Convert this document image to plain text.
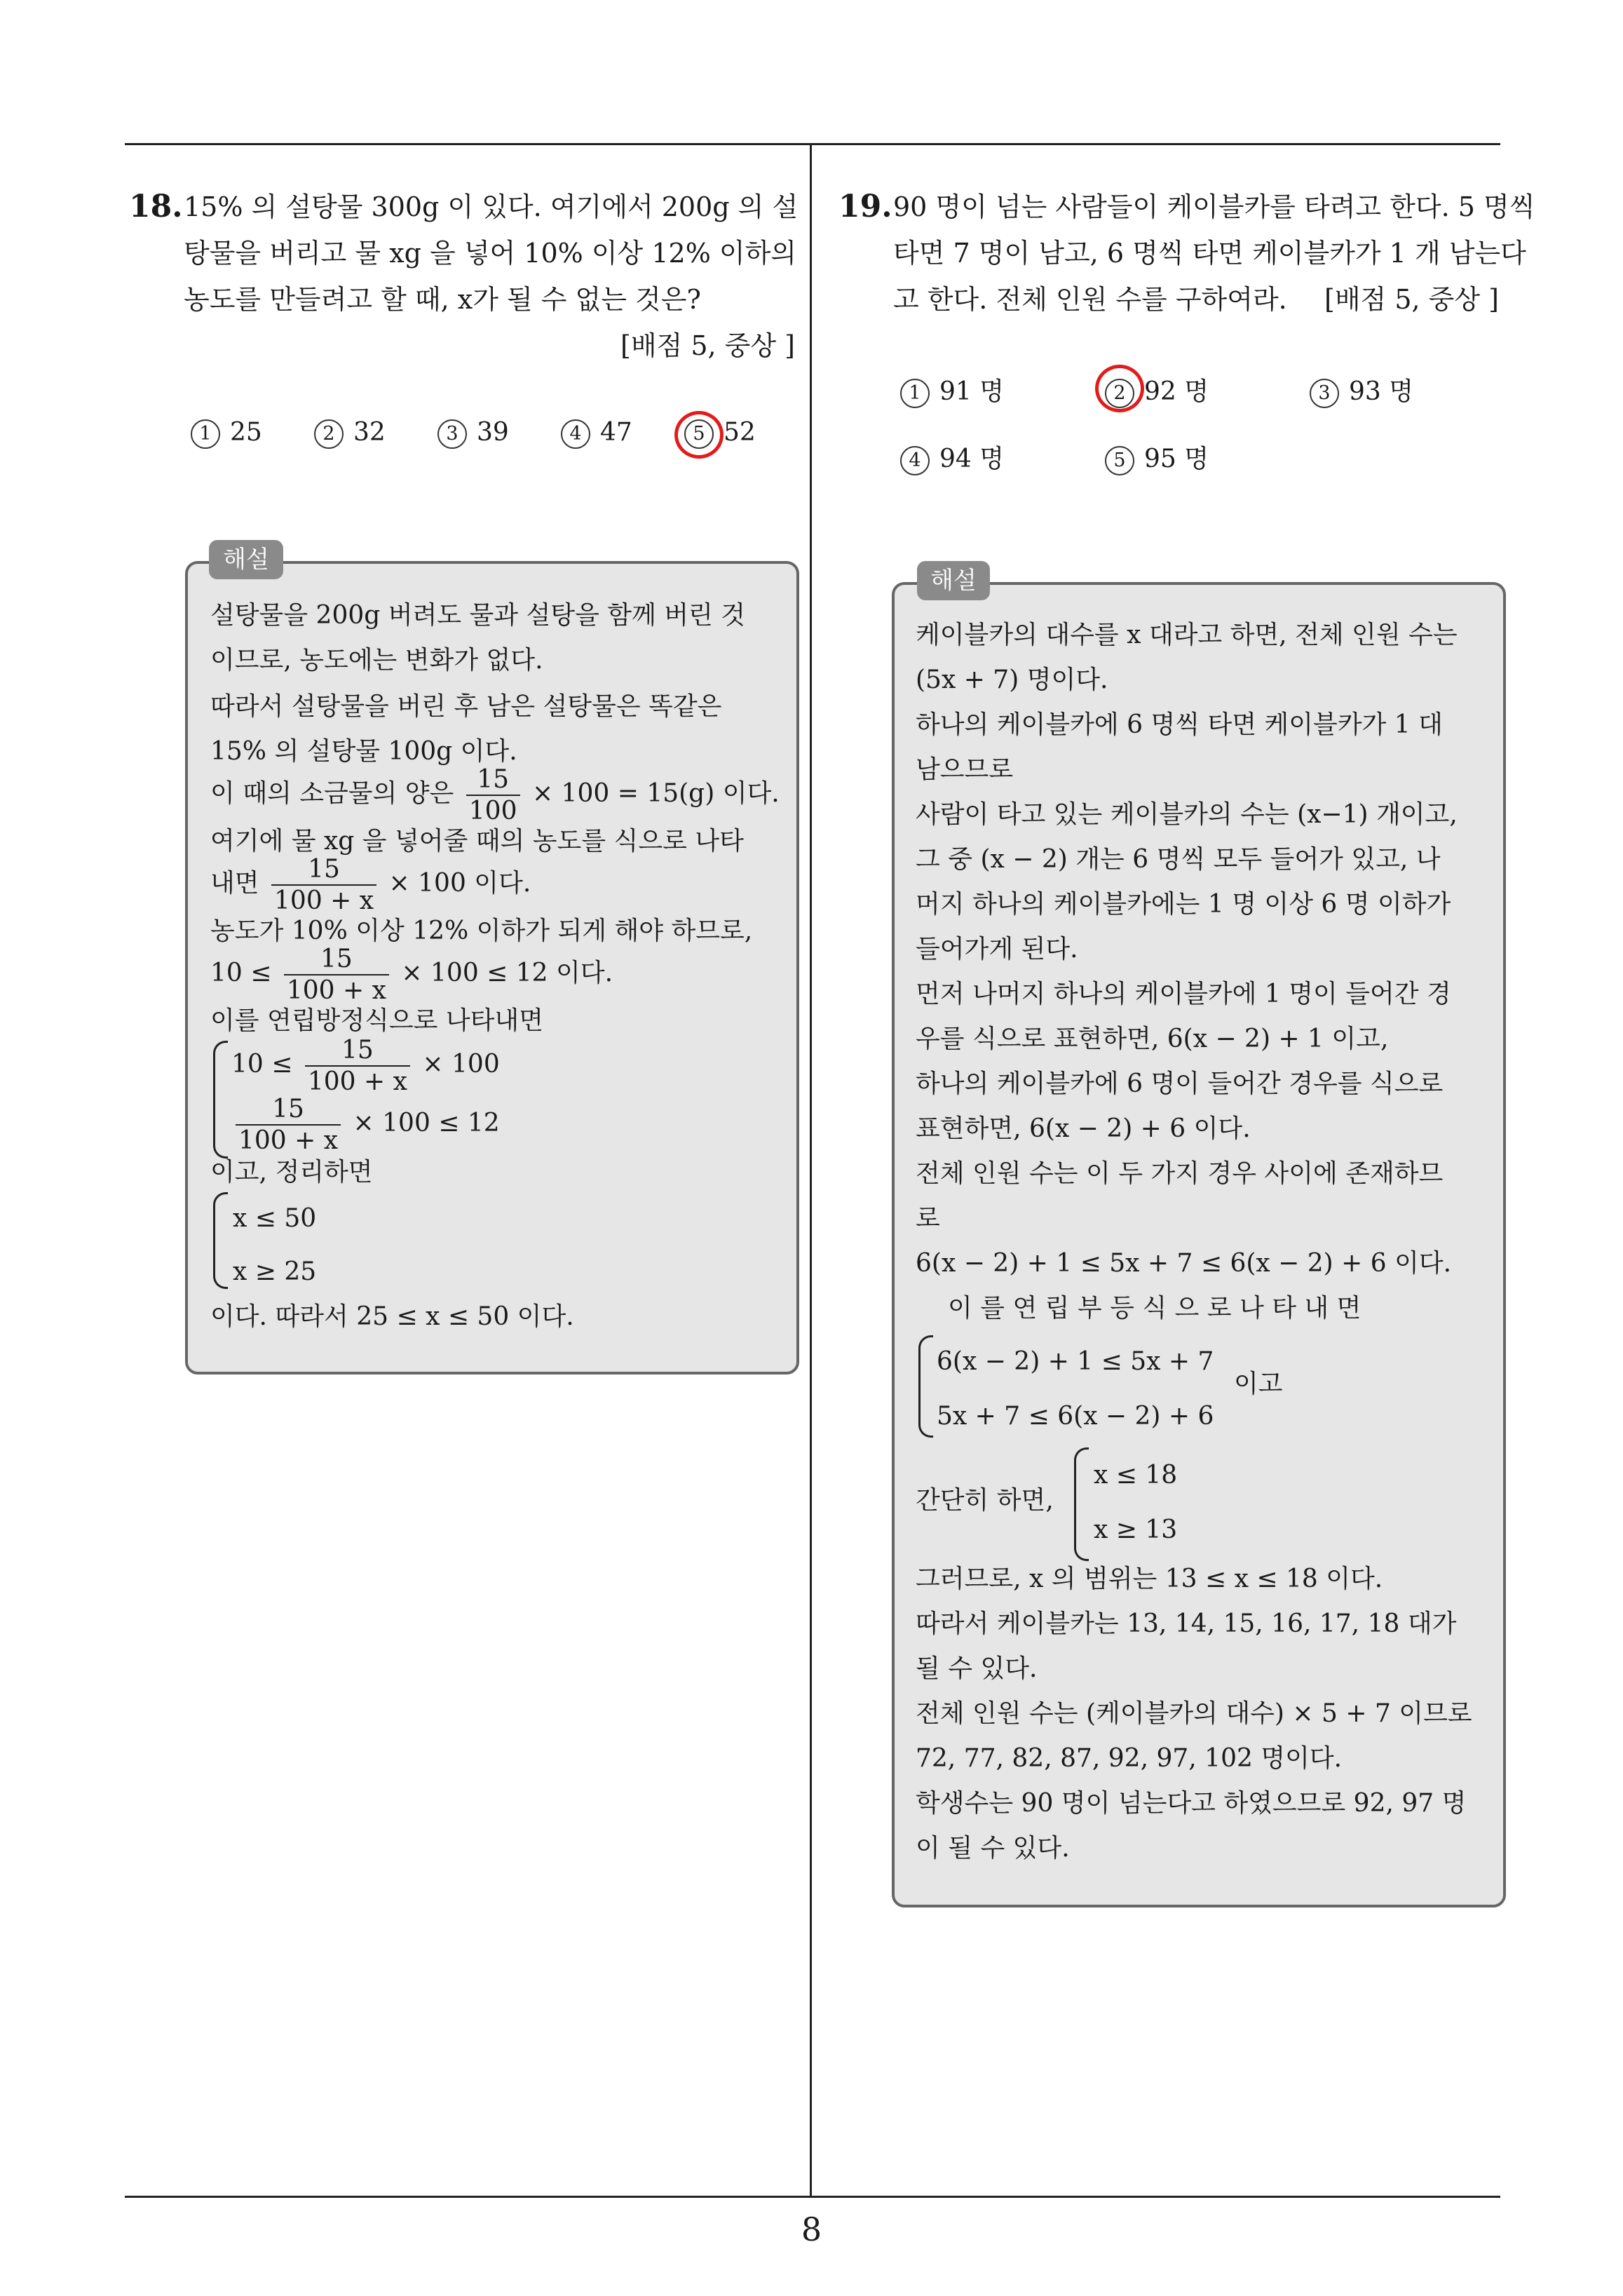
18. 15% 의 설탕물 300g 이 있다. 여기에서 200g 의 설
탕물을 버리고 물 xg 을 넣어 10% 이상 12% 이하의
농도를 만들려고 할 때, x가 될 수 없는 것은?
[배점 5, 중상 ]
1 25	2 32	3 39	4 47	5 52
해설
설탕물을 200g 버려도 물과 설탕을 함께 버린 것
이므로, 농도에는 변화가 없다.
따라서 설탕물을 버린 후 남은 설탕물은 똑같은
15% 의 설탕물 100g 이다.
이 때의 소금물의 양은 $\frac{15}{100} \times 100 = 15(g)$ 이다.
여기에 물 xg 을 넣어줄 때의 농도를 식으로 나타
내면 $\frac{15}{100 + x} \times 100$ 이다.
농도가 10% 이상 12% 이하가 되게 해야 하므로,
$10 \le \frac{15}{100 + x} \times 100 \le 12$ 이다.
이를 연립방정식으로 나타내면
$10 \le \frac{15}{100 + x} \times 100$
$\frac{15}{100 + x} \times 100 \le 12$
이고, 정리하면
x ≤ 50
x ≥ 25
이다. 따라서 25 ≤ x ≤ 50 이다.
19. 90 명이 넘는 사람들이 케이블카를 타려고 한다. 5 명씩
타면 7 명이 남고, 6 명씩 타면 케이블카가 1 개 남는다
고 한다. 전체 인원 수를 구하여라.	[배점 5, 중상 ]
1 91 명	2 92 명	3 93 명
4 94 명	5 95 명
해설
케이블카의 대수를 x 대라고 하면, 전체 인원 수는
(5x + 7) 명이다.
하나의 케이블카에 6 명씩 타면 케이블카가 1 대
남으므로
사람이 타고 있는 케이블카의 수는 (x−1) 개이고,
그 중 (x − 2) 개는 6 명씩 모두 들어가 있고, 나
머지 하나의 케이블카에는 1 명 이상 6 명 이하가
들어가게 된다.
먼저 나머지 하나의 케이블카에 1 명이 들어간 경
우를 식으로 표현하면, 6(x − 2) + 1 이고,
하나의 케이블카에 6 명이 들어간 경우를 식으로
표현하면, 6(x − 2) + 6 이다.
전체 인원 수는 이 두 가지 경우 사이에 존재하므
로
6(x − 2) + 1 ≤ 5x + 7 ≤ 6(x − 2) + 6 이다.
이 를 연 립 부 등 식 으 로 나 타 내 면
6(x − 2) + 1 ≤ 5x + 7
5x + 7 ≤ 6(x − 2) + 6
이고
간단히 하면,
x ≤ 18
x ≥ 13
그러므로, x 의 범위는 13 ≤ x ≤ 18 이다.
따라서 케이블카는 13, 14, 15, 16, 17, 18 대가
될 수 있다.
전체 인원 수는 (케이블카의 대수) × 5 + 7 이므로
72, 77, 82, 87, 92, 97, 102 명이다.
학생수는 90 명이 넘는다고 하였으므로 92, 97 명
이 될 수 있다.
8
